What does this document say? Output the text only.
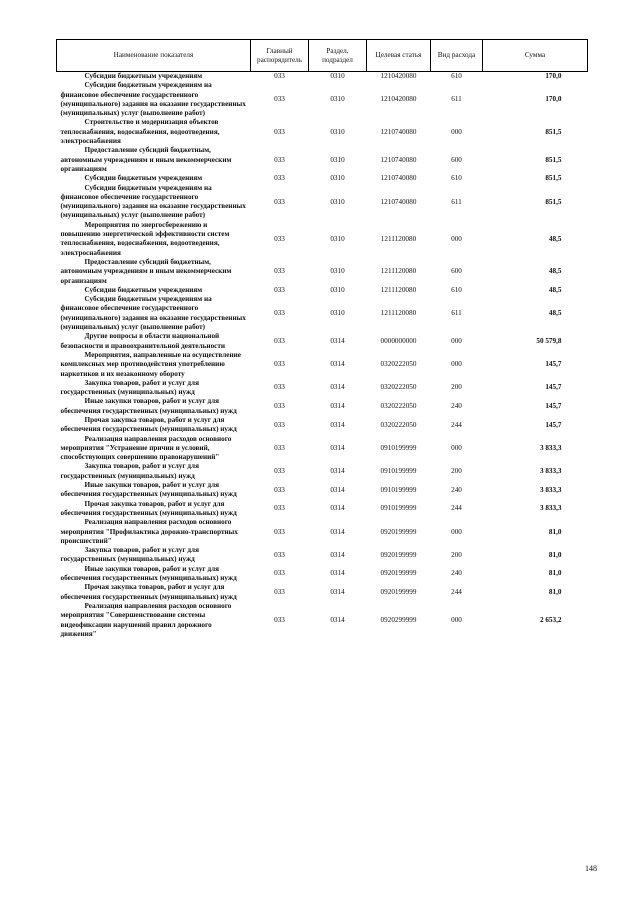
Наименование показателя	Главный распорядитель	Раздел, подраздел	Целевая статья	Вид расхода	Сумма

Субсидии бюджетным учреждениям	033	0310	1210420080	610	170,0

Субсидии бюджетным учреждениям на финансовое обеспечение государственного (муниципального) задания на оказание государственных (муниципальных) услуг (выполнение работ)	033	0310	1210420080	611	170,0

Строительство и модернизация объектов теплоснабжения, водоснабжения, водоотведения, электроснабжения	033	0310	1210740080	000	851,5

Предоставление субсидий бюджетным, автономным учреждениям и иным некоммерческим организациям	033	0310	1210740080	600	851,5

Субсидии бюджетным учреждениям	033	0310	1210740080	610	851,5

Субсидии бюджетным учреждениям на финансовое обеспечение государственного (муниципального) задания на оказание государственных (муниципальных) услуг (выполнение работ)	033	0310	1210740080	611	851,5

Мероприятия по энергосбережению и повышению энергетической эффективности систем теплоснабжения, водоснабжения, водоотведения, электроснабжения	033	0310	1211120080	000	48,5

Предоставление субсидий бюджетным, автономным учреждениям и иным некоммерческим организациям	033	0310	1211120080	600	48,5

Субсидии бюджетным учреждениям	033	0310	1211120080	610	48,5

Субсидии бюджетным учреждениям на финансовое обеспечение государственного (муниципального) задания на оказание государственных (муниципальных) услуг (выполнение работ)	033	0310	1211120080	611	48,5

Другие вопросы в области национальной безопасности и правоохранительной деятельности	033	0314	0000000000	000	50 579,8

Мероприятия, направленные на осуществление комплексных мер противодействия употреблению наркотиков и их незаконному обороту	033	0314	0320222050	000	145,7

Закупка товаров, работ и услуг для государственных (муниципальных) нужд	033	0314	0320222050	200	145,7

Иные закупки товаров, работ и услуг для обеспечения государственных (муниципальных) нужд	033	0314	0320222050	240	145,7

Прочая закупка товаров, работ и услуг для обеспечения государственных (муниципальных) нужд	033	0314	0320222050	244	145,7

Реализация направления расходов основного мероприятия "Устранение причин и условий, способствующих совершению правонарушений"	033	0314	0910199999	000	3 833,3

Закупка товаров, работ и услуг для государственных (муниципальных) нужд	033	0314	0910199999	200	3 833,3

Иные закупки товаров, работ и услуг для обеспечения государственных (муниципальных) нужд	033	0314	0910199999	240	3 833,3

Прочая закупка товаров, работ и услуг для обеспечения государственных (муниципальных) нужд	033	0314	0910199999	244	3 833,3

Реализация направления расходов основного мероприятия "Профилактика дорожно-транспортных происшествий"	033	0314	0920199999	000	81,0

Закупка товаров, работ и услуг для государственных (муниципальных) нужд	033	0314	0920199999	200	81,0

Иные закупки товаров, работ и услуг для обеспечения государственных (муниципальных) нужд	033	0314	0920199999	240	81,0

Прочая закупка товаров, работ и услуг для обеспечения государственных (муниципальных) нужд	033	0314	0920199999	244	81,0

Реализация направления расходов основного мероприятия "Совершенствование системы видеофиксации нарушений правил дорожного движения"	033	0314	0920299999	000	2 653,2
148
